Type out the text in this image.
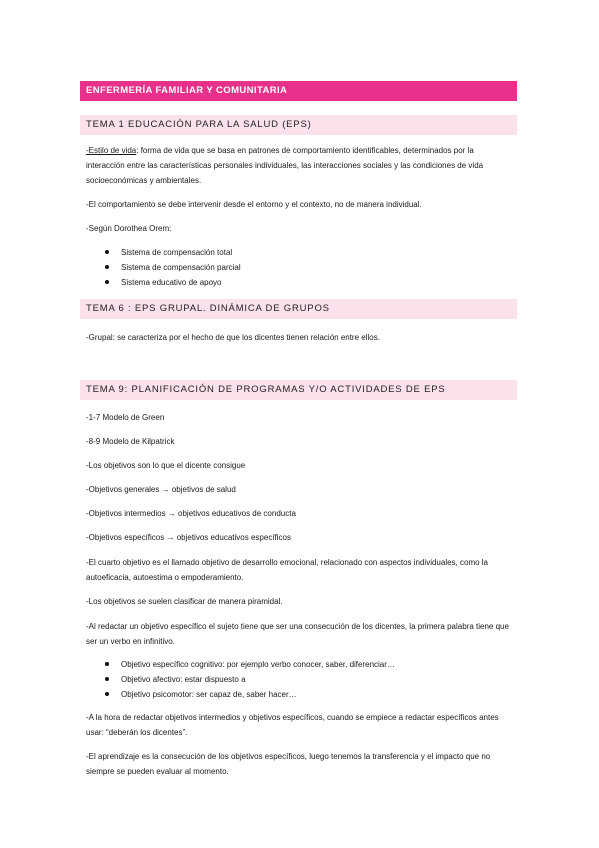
ENFERMERÍA FAMILIAR Y COMUNITARIA
TEMA 1 EDUCACIÓN PARA LA SALUD (EPS)
-Estilo de vida: forma de vida que se basa en patrones de comportamiento identificables, determinados por la interacción entre las características personales individuales, las interacciones sociales y las condiciones de vida socioeconómicas y ambientales.
-El comportamiento se debe intervenir desde el entorno y el contexto, no de manera individual.
-Según Dorothea Orem:
Sistema de compensación total
Sistema de compensación parcial
Sistema educativo de apoyo
TEMA 6 : EPS GRUPAL. DINÁMICA DE GRUPOS
-Grupal: se caracteriza por el hecho de que los dicentes tienen relación entre ellos.
TEMA 9: PLANIFICACIÓN DE PROGRAMAS Y/O ACTIVIDADES DE EPS
-1-7 Modelo de Green
-8-9 Modelo de Kilpatrick
-Los objetivos son lo que el dicente consigue
-Objetivos generales → objetivos de salud
-Objetivos intermedios → objetivos educativos de conducta
-Objetivos específicos → objetivos educativos específicos
-El cuarto objetivo es el llamado objetivo de desarrollo emocional, relacionado con aspectos individuales, como la autoeficacia, autoestima o empoderamiento.
-Los objetivos se suelen clasificar de manera piramidal.
-Al redactar un objetivo específico el sujeto tiene que ser una consecución de los dicentes, la primera palabra tiene que ser un verbo en infinitivo.
Objetivo específico cognitivo: por ejemplo verbo conocer, saber, diferenciar…
Objetivo afectivo: estar dispuesto a
Objetivo psicomotor: ser capaz de, saber hacer…
-A la hora de redactar objetivos intermedios y objetivos específicos, cuando se empiece a redactar específicos antes usar: “deberán los dicentes”.
-El aprendizaje es la consecución de los objetivos específicos, luego tenemos la transferencia y el impacto que no siempre se pueden evaluar al momento.
